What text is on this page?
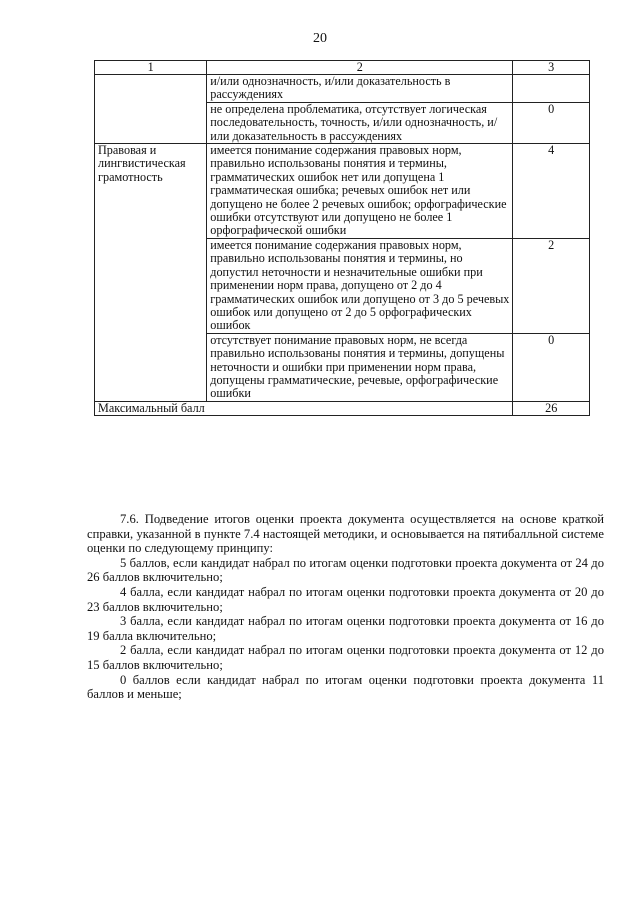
20
1	2	3
	и/или однозначность, и/или доказательность в рассуждениях	
	не определена проблематика, отсутствует логическая последовательность, точность, и/или однозначность, и/или доказательность в рассуждениях	0
Правовая и лингвистическая грамотность	имеется понимание содержания правовых норм, правильно использованы понятия и термины, грамматических ошибок нет или допущена 1 грамматическая ошибка; речевых ошибок нет или допущено не более 2 речевых ошибок; орфографические ошибки отсутствуют или допущено не более 1 орфографической ошибки	4
	имеется понимание содержания правовых норм, правильно использованы понятия и термины, но допустил неточности и незначительные ошибки при применении норм права, допущено от 2 до 4 грамматических ошибок или допущено от 3 до 5 речевых ошибок или допущено от 2 до 5 орфографических ошибок	2
	отсутствует понимание правовых норм, не всегда правильно использованы понятия и термины, допущены неточности и ошибки при применении норм права, допущены грамматические, речевые, орфографические ошибки	0
Максимальный балл		26

7.6. Подведение итогов оценки проекта документа осуществляется на основе краткой справки, указанной в пункте 7.4 настоящей методики, и основывается на пятибалльной системе оценки по следующему принципу:

5 баллов, если кандидат набрал по итогам оценки подготовки проекта документа от 24 до 26 баллов включительно;

4 балла, если кандидат набрал по итогам оценки подготовки проекта документа от 20 до 23 баллов включительно;

3 балла, если кандидат набрал по итогам оценки подготовки проекта документа от 16 до 19 балла включительно;

2 балла, если кандидат набрал по итогам оценки подготовки проекта документа от 12 до 15 баллов включительно;

0 баллов если кандидат набрал по итогам оценки подготовки проекта документа 11 баллов и меньше;
